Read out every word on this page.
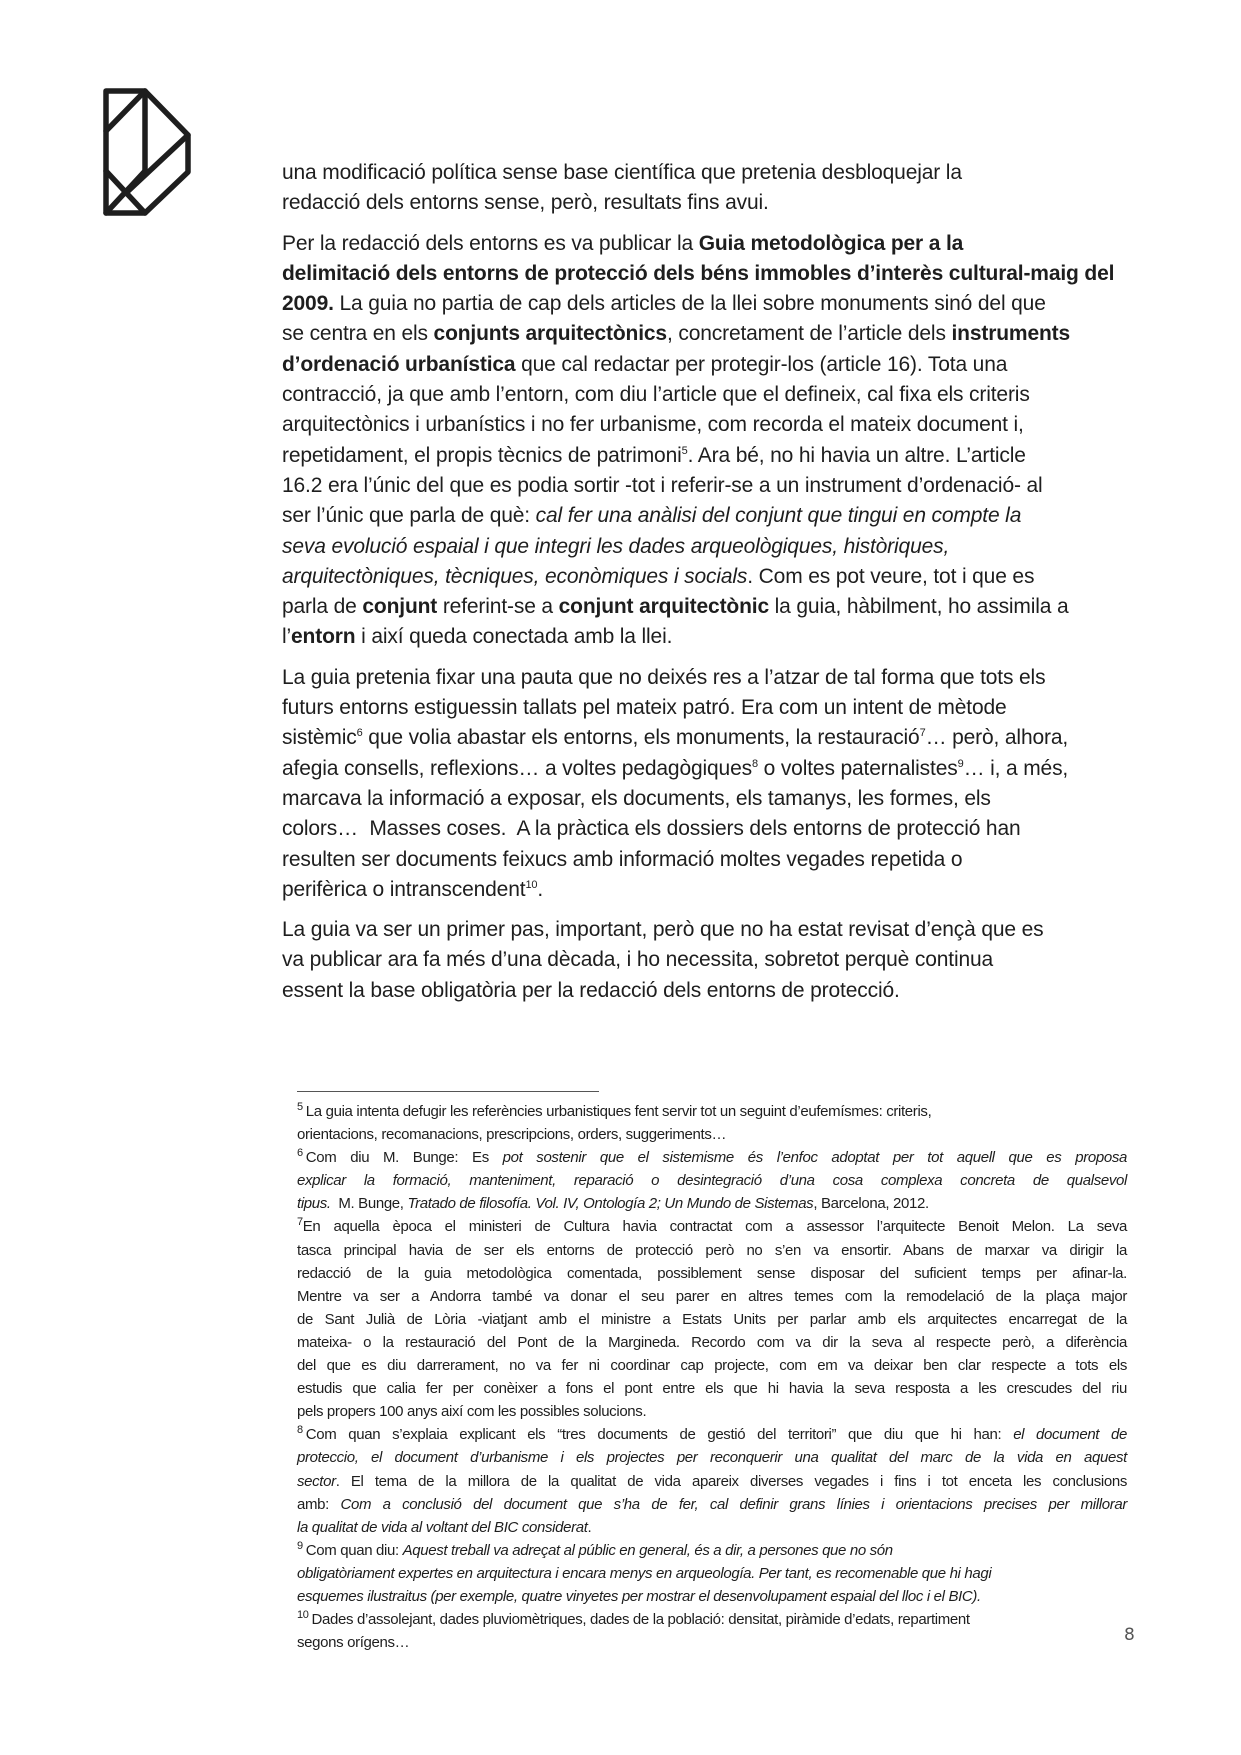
una modificació política sense base científica que pretenia desbloquejar la
redacció dels entorns sense, però, resultats fins avui.
Per la redacció dels entorns es va publicar la Guia metodològica per a la
delimitació dels entorns de protecció dels béns immobles d’interès cultural-maig del
2009. La guia no partia de cap dels articles de la llei sobre monuments sinó del que
se centra en els conjunts arquitectònics, concretament de l’article dels instruments
d’ordenació urbanística que cal redactar per protegir-los (article 16). Tota una
contracció, ja que amb l’entorn, com diu l’article que el defineix, cal fixa els criteris
arquitectònics i urbanístics i no fer urbanisme, com recorda el mateix document i,
repetidament, el propis tècnics de patrimoni$^5$. Ara bé, no hi havia un altre. L’article
16.2 era l’únic del que es podia sortir -tot i referir-se a un instrument d’ordenació- al
ser l’únic que parla de què: cal fer una anàlisi del conjunt que tingui en compte la
seva evolució espaial i que integri les dades arqueològiques, històriques,
arquitectòniques, tècniques, econòmiques i socials. Com es pot veure, tot i que es
parla de conjunt referint-se a conjunt arquitectònic la guia, hàbilment, ho assimila a
l’entorn i així queda conectada amb la llei.
La guia pretenia fixar una pauta que no deixés res a l’atzar de tal forma que tots els
futurs entorns estiguessin tallats pel mateix patró. Era com un intent de mètode
sistèmic$^6$ que volia abastar els entorns, els monuments, la restauració$^7$… però, alhora,
afegia consells, reflexions… a voltes pedagògiques$^8$ o voltes paternalistes$^9$… i, a més,
marcava la informació a exposar, els documents, els tamanys, les formes, els
colors…  Masses coses.  A la pràctica els dossiers dels entorns de protecció han
resulten ser documents feixucs amb informació moltes vegades repetida o
perifèrica o intranscendent$^{10}$.
La guia va ser un primer pas, important, però que no ha estat revisat d’ençà que es
va publicar ara fa més d’una dècada, i ho necessita, sobretot perquè continua
essent la base obligatòria per la redacció dels entorns de protecció.
$^5$ La guia intenta defugir les referències urbanistiques fent servir tot un seguint d’eufemísmes: criteris,
orientacions, recomanacions, prescripcions, orders, suggeriments…
$^6$ Com diu M. Bunge: Es pot sostenir que el sistemisme és l’enfoc adoptat per tot aquell que es proposa
explicar la formació, manteniment, reparació o desintegració d’una cosa complexa concreta de qualsevol
tipus.  M. Bunge, Tratado de filosofía. Vol. IV, Ontología 2; Un Mundo de Sistemas, Barcelona, 2012.
$^7$En aquella època el ministeri de Cultura havia contractat com a assessor l’arquitecte Benoit Melon. La seva
tasca principal havia de ser els entorns de protecció però no s’en va ensortir. Abans de marxar va dirigir la
redacció de la guia metodològica comentada, possiblement sense disposar del suficient temps per afinar-la.
Mentre va ser a Andorra també va donar el seu parer en altres temes com la remodelació de la plaça major
de Sant Julià de Lòria -viatjant amb el ministre a Estats Units per parlar amb els arquitectes encarregat de la
mateixa- o la restauració del Pont de la Margineda. Recordo com va dir la seva al respecte però, a diferència
del que es diu darrerament, no va fer ni coordinar cap projecte, com em va deixar ben clar respecte a tots els
estudis que calia fer per conèixer a fons el pont entre els que hi havia la seva resposta a les crescudes del riu
pels propers 100 anys així com les possibles solucions.
$^8$ Com quan s’explaia explicant els “tres documents de gestió del territori” que diu que hi han: el document de
proteccio, el document d’urbanisme i els projectes per reconquerir una qualitat del marc de la vida en aquest
sector. El tema de la millora de la qualitat de vida apareix diverses vegades i fins i tot enceta les conclusions
amb: Com a conclusió del document que s’ha de fer, cal definir grans línies i orientacions precises per millorar
la qualitat de vida al voltant del BIC considerat.
$^9$ Com quan diu: Aquest treball va adreçat al públic en general, és a dir, a persones que no són
obligatòriament expertes en arquitectura i encara menys en arqueología. Per tant, es recomenable que hi hagi
esquemes ilustraitus (per exemple, quatre vinyetes per mostrar el desenvolupament espaial del lloc i el BIC).
$^{10}$ Dades d’assolejant, dades pluviomètriques, dades de la població: densitat, piràmide d’edats, repartiment
segons orígens…	8
